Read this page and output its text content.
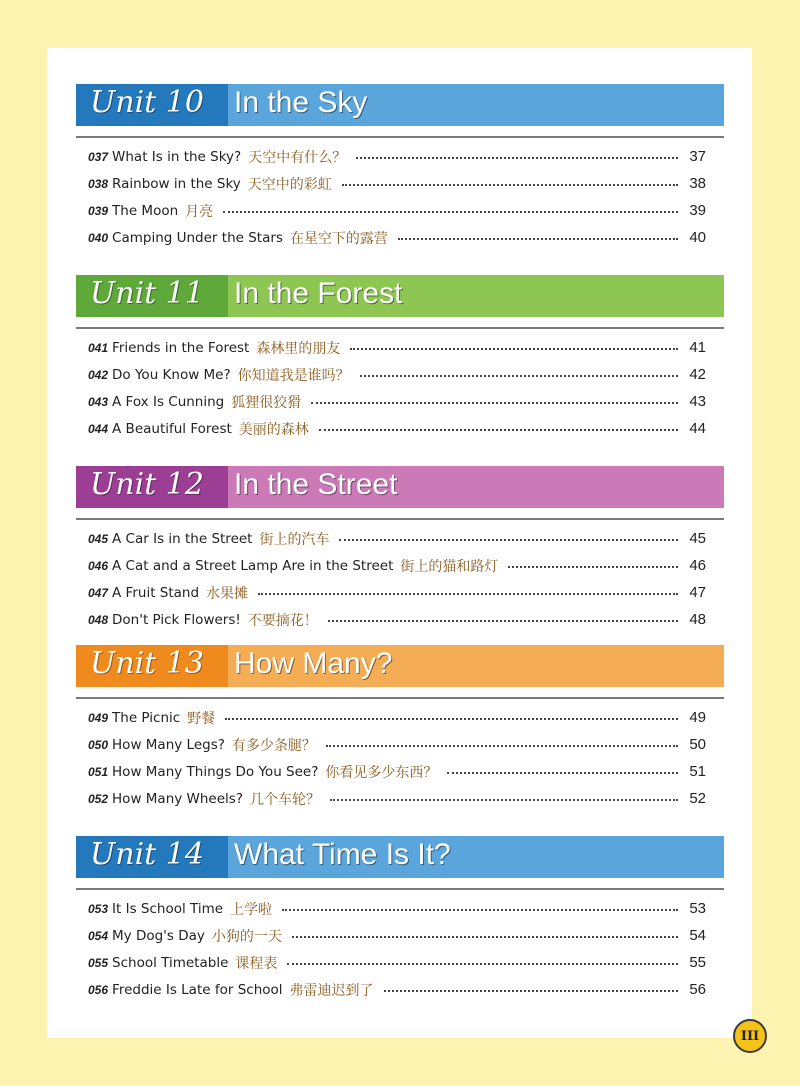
Unit 10 In the Sky
037 What Is in the Sky? 天空中有什么？	37
038 Rainbow in the Sky 天空中的彩虹	38
039 The Moon 月亮	39
040 Camping Under the Stars 在星空下的露营	40
Unit 11 In the Forest
041 Friends in the Forest 森林里的朋友	41
042 Do You Know Me? 你知道我是谁吗？	42
043 A Fox Is Cunning 狐狸很狡猾	43
044 A Beautiful Forest 美丽的森林	44
Unit 12 In the Street
045 A Car Is in the Street 街上的汽车	45
046 A Cat and a Street Lamp Are in the Street 街上的猫和路灯	46
047 A Fruit Stand 水果摊	47
048 Don't Pick Flowers! 不要摘花！	48
Unit 13 How Many?
049 The Picnic 野餐	49
050 How Many Legs? 有多少条腿？	50
051 How Many Things Do You See? 你看见多少东西？	51
052 How Many Wheels? 几个车轮？	52
Unit 14 What Time Is It?
053 It Is School Time 上学啦	53
054 My Dog's Day 小狗的一天	54
055 School Timetable 课程表	55
056 Freddie Is Late for School 弗雷迪迟到了	56
III
